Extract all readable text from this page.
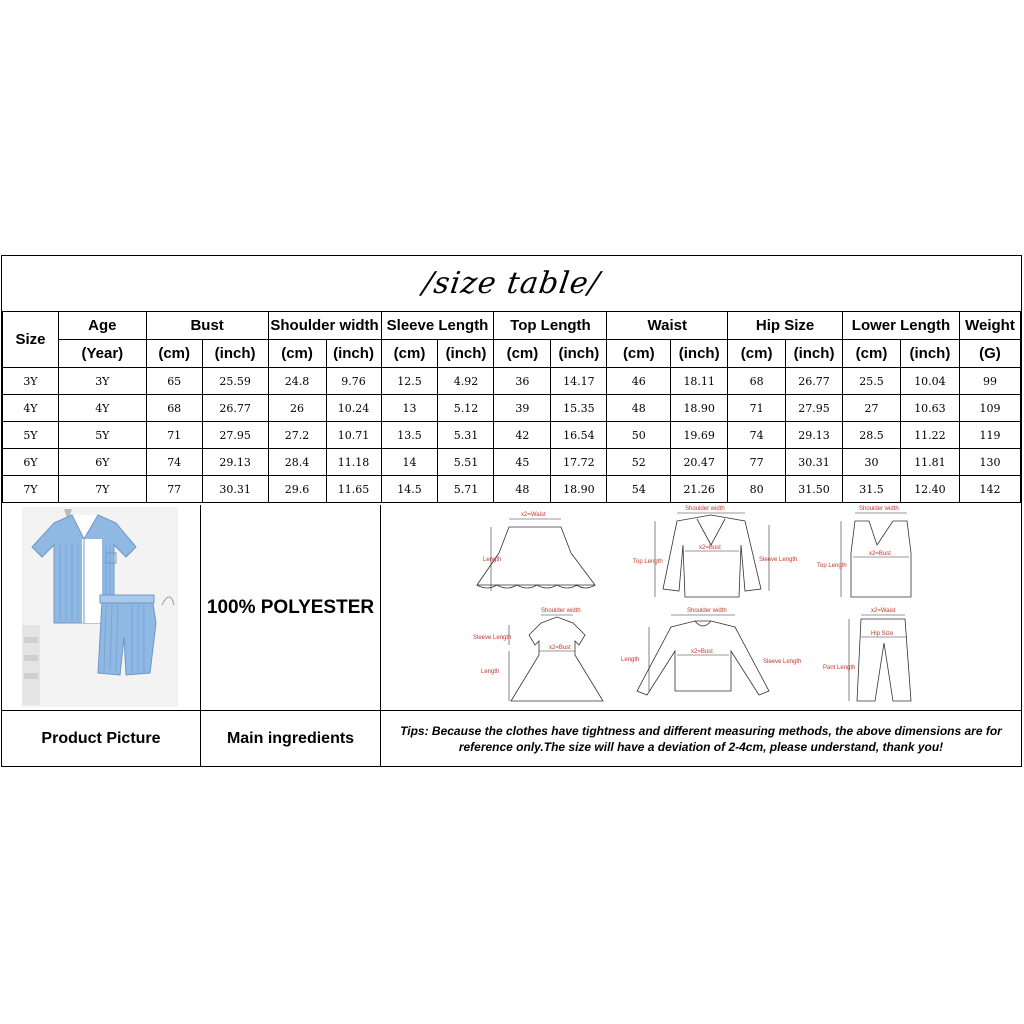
/size table/
Size	Age	Bust		Shoulder width		Sleeve Length		Top Length		Waist		Hip Size		Lower Length		Weight
	(Year)	(cm)	(inch)	(cm)	(inch)	(cm)	(inch)	(cm)	(inch)	(cm)	(inch)	(cm)	(inch)	(cm)	(inch)	(G)
3Y	3Y	65	25.59	24.8	9.76	12.5	4.92	36	14.17	46	18.11	68	26.77	25.5	10.04	99
4Y	4Y	68	26.77	26	10.24	13	5.12	39	15.35	48	18.90	71	27.95	27	10.63	109
5Y	5Y	71	27.95	27.2	10.71	13.5	5.31	42	16.54	50	19.69	74	29.13	28.5	11.22	119
6Y	6Y	74	29.13	28.4	11.18	14	5.51	45	17.72	52	20.47	77	30.31	30	11.81	130
7Y	7Y	77	30.31	29.6	11.65	14.5	5.71	48	18.90	54	21.26	80	31.50	31.5	12.40	142
100% POLYESTER
x2=Waist
Length
Shoulder width
x2=Bust
Top Length	Sleeve Length
Shoulder width
x2=Bust
Top Length
Shoulder width
x2=Bust
Sleeve Length
Length
Shoulder width
x2=Bust
Length	Sleeve Length
x2=Waist
Hip Size
Pant Length
Product Picture	Main ingredients	Tips: Because the clothes have tightness and different measuring methods, the above dimensions are for reference only.The size will have a deviation of 2-4cm, please understand, thank you!
